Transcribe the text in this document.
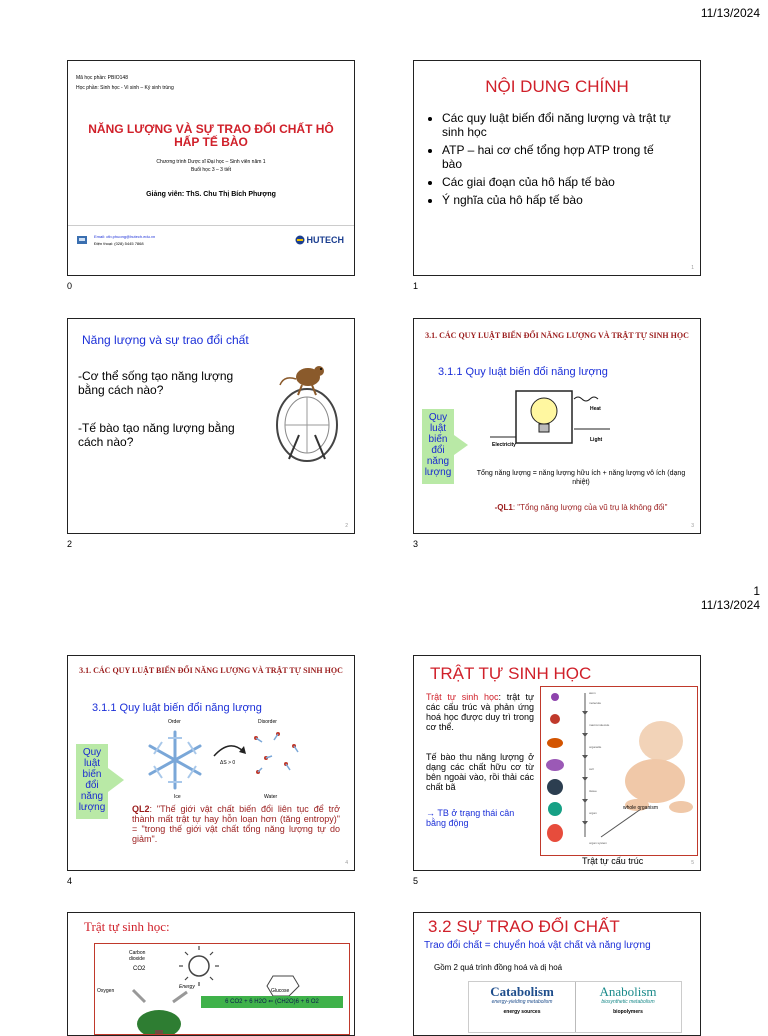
11/13/2024
1
11/13/2024
Mã học phần: PBIO148
Học phần: Sinh học - Vi sinh – Ký sinh trùng
NĂNG LƯỢNG VÀ SỰ TRAO ĐỔI CHẤT HÔ HẤP TẾ BÀO
Chương trình Dược sĩ Đại học – Sinh viên năm 1
Buổi học 3 – 3 tiết
Giảng viên: ThS. Chu Thị Bích Phượng
Email: ctb.phuong@hutech.edu.vn
Điện thoại: (028) 5445 7868	HUTECH
0
NỘI DUNG CHÍNH
• Các quy luật biến đổi năng lượng và trật tự sinh học
• ATP – hai cơ chế tổng hợp ATP trong tế bào
• Các giai đoạn của hô hấp tế bào
• Ý nghĩa của hô hấp tế bào
1
1
Năng lượng và sự trao đổi chất
-Cơ thể sống tạo năng lượng bằng cách nào?
-Tế bào tạo năng lượng bằng cách nào?
2
2
3.1. CÁC QUY LUẬT BIẾN ĐỔI NĂNG LƯỢNG VÀ TRẬT TỰ SINH HỌC
3.1.1 Quy luật biến đổi năng lượng
Quy luật biến đổi năng lượng
Heat
Light
Electricity
Tổng năng lượng = năng lượng hữu ích + năng lượng vô ích (dạng nhiệt)
-QL1: "Tổng năng lượng của vũ trụ là không đổi"
3
3
3.1. CÁC QUY LUẬT BIẾN ĐỔI NĂNG LƯỢNG VÀ TRẬT TỰ SINH HỌC
3.1.1 Quy luật biến đổi năng lượng
Order	Disorder
ΔS > 0
Ice	Water
Quy luật biến đổi năng lượng	QL2: "Thế giới vật chất biến đổi liên tục để trở thành mất trật tự hay hỗn loạn hơn (tăng entropy)" = "trong thế giới vật chất tổng năng lượng tự do giảm".
4
4
TRẬT TỰ SINH HỌC
Trật tự sinh học: trật tự các cấu trúc và phản ứng hoá học được duy trì trong cơ thể.
Tế bào thu năng lượng ở dạng các chất hữu cơ từ bên ngoài vào, rồi thải các chất bã
→ TB ở trạng thái cân bằng động
whole organism
atom
molecule
macromolecule
organelle
cell
tissue
organ
organ system
Trật tự cấu trúc	5
5
Trật tự sinh học:
Carbon dioxide
CO2
Oxygen
Energy
Glucose
6 CO2 + 6 H2O ⇐ (CH2O)6 + 6 O2
3.2 SỰ TRAO ĐỔI CHẤT
Trao đổi chất = chuyển hoá vật chất và năng lượng
Gồm 2 quá trình đồng hoá và dị hoá
Catabolism
energy-yielding metabolism
energy sources
Anabolism
biosynthetic metabolism
biopolymers
